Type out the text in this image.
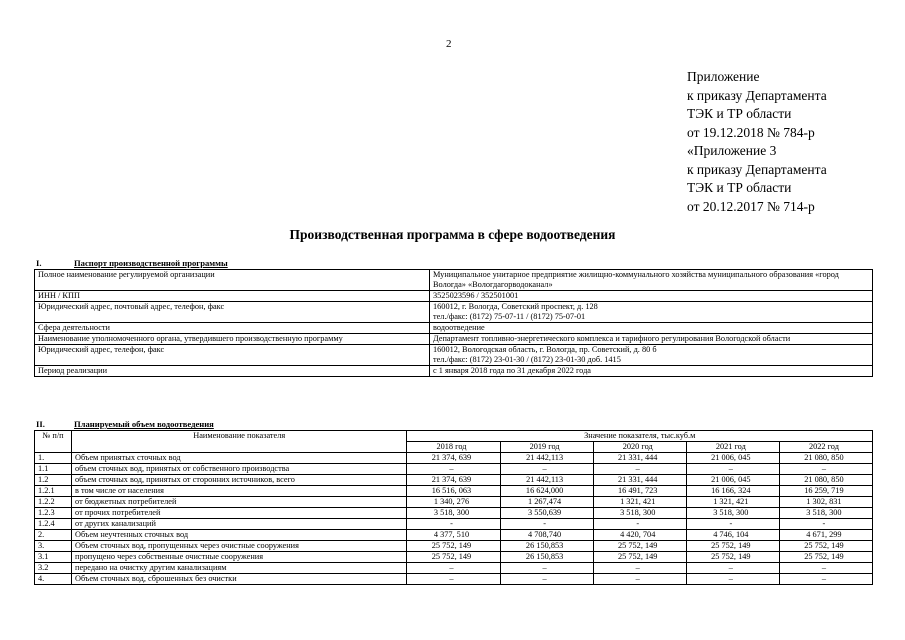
2
Приложение
к приказу Департамента
ТЭК и ТР области
от 19.12.2018 № 784-р
«Приложение 3
к приказу Департамента
ТЭК и ТР области
от 20.12.2017 № 714-р
Производственная программа в сфере водоотведения
I.	Паспорт производственной программы
Полное наименование регулируемой организации	Муниципальное унитарное предприятие жилищно-коммунального хозяйства муниципального образования «город Вологда» «Вологдагорводоканал»
ИНН / КПП	3525023596 / 352501001
Юридический адрес, почтовый адрес, телефон, факс	160012, г. Вологда, Советский проспект, д. 128
тел./факс: (8172) 75-07-11 / (8172) 75-07-01
Сфера деятельности	водоотведение
Наименование уполномоченного органа, утвердившего производственную программу	Департамент топливно-энергетического комплекса и тарифного регулирования Вологодской области
Юридический адрес, телефон, факс	160012, Вологодская область, г. Вологда, пр. Советский, д. 80 б
тел./факс: (8172) 23-01-30 / (8172) 23-01-30 доб. 1415
Период реализации	с 1 января 2018 года по 31 декабря 2022 года
II.	Планируемый объем водоотведения
№ п/п	Наименование показателя	Значение показателя, тыс.куб.м				
		2018 год	2019 год	2020 год	2021 год	2022 год
1.	Объем принятых сточных вод	21 374, 639	21 442,113	21 331, 444	21 006, 045	21 080, 850
1.1	объем сточных вод, принятых от собственного производства	–	–	–	–	–
1.2	объем сточных вод, принятых от сторонних источников, всего	21 374, 639	21 442,113	21 331, 444	21 006, 045	21 080, 850
1.2.1	в том числе от населения	16 516, 063	16 624,000	16 491, 723	16 166, 324	16 259, 719
1.2.2	от бюджетных потребителей	1 340, 276	1 267,474	1 321, 421	1 321, 421	1 302, 831
1.2.3	от прочих потребителей	3 518, 300	3 550,639	3 518, 300	3 518, 300	3 518, 300
1.2.4	от других канализаций	-	-	-	-	-
2.	Объем неучтенных сточных вод	4 377, 510	4 708,740	4 420, 704	4 746, 104	4 671, 299
3.	Объем сточных вод, пропущенных через очистные сооружения	25 752, 149	26 150,853	25 752, 149	25 752, 149	25 752, 149
3.1	пропущено через собственные очистные сооружения	25 752, 149	26 150,853	25 752, 149	25 752, 149	25 752, 149
3.2	передано на очистку другим канализациям	–	–	–	–	–
4.	Объем сточных вод, сброшенных без очистки	–	–	–	–	–
